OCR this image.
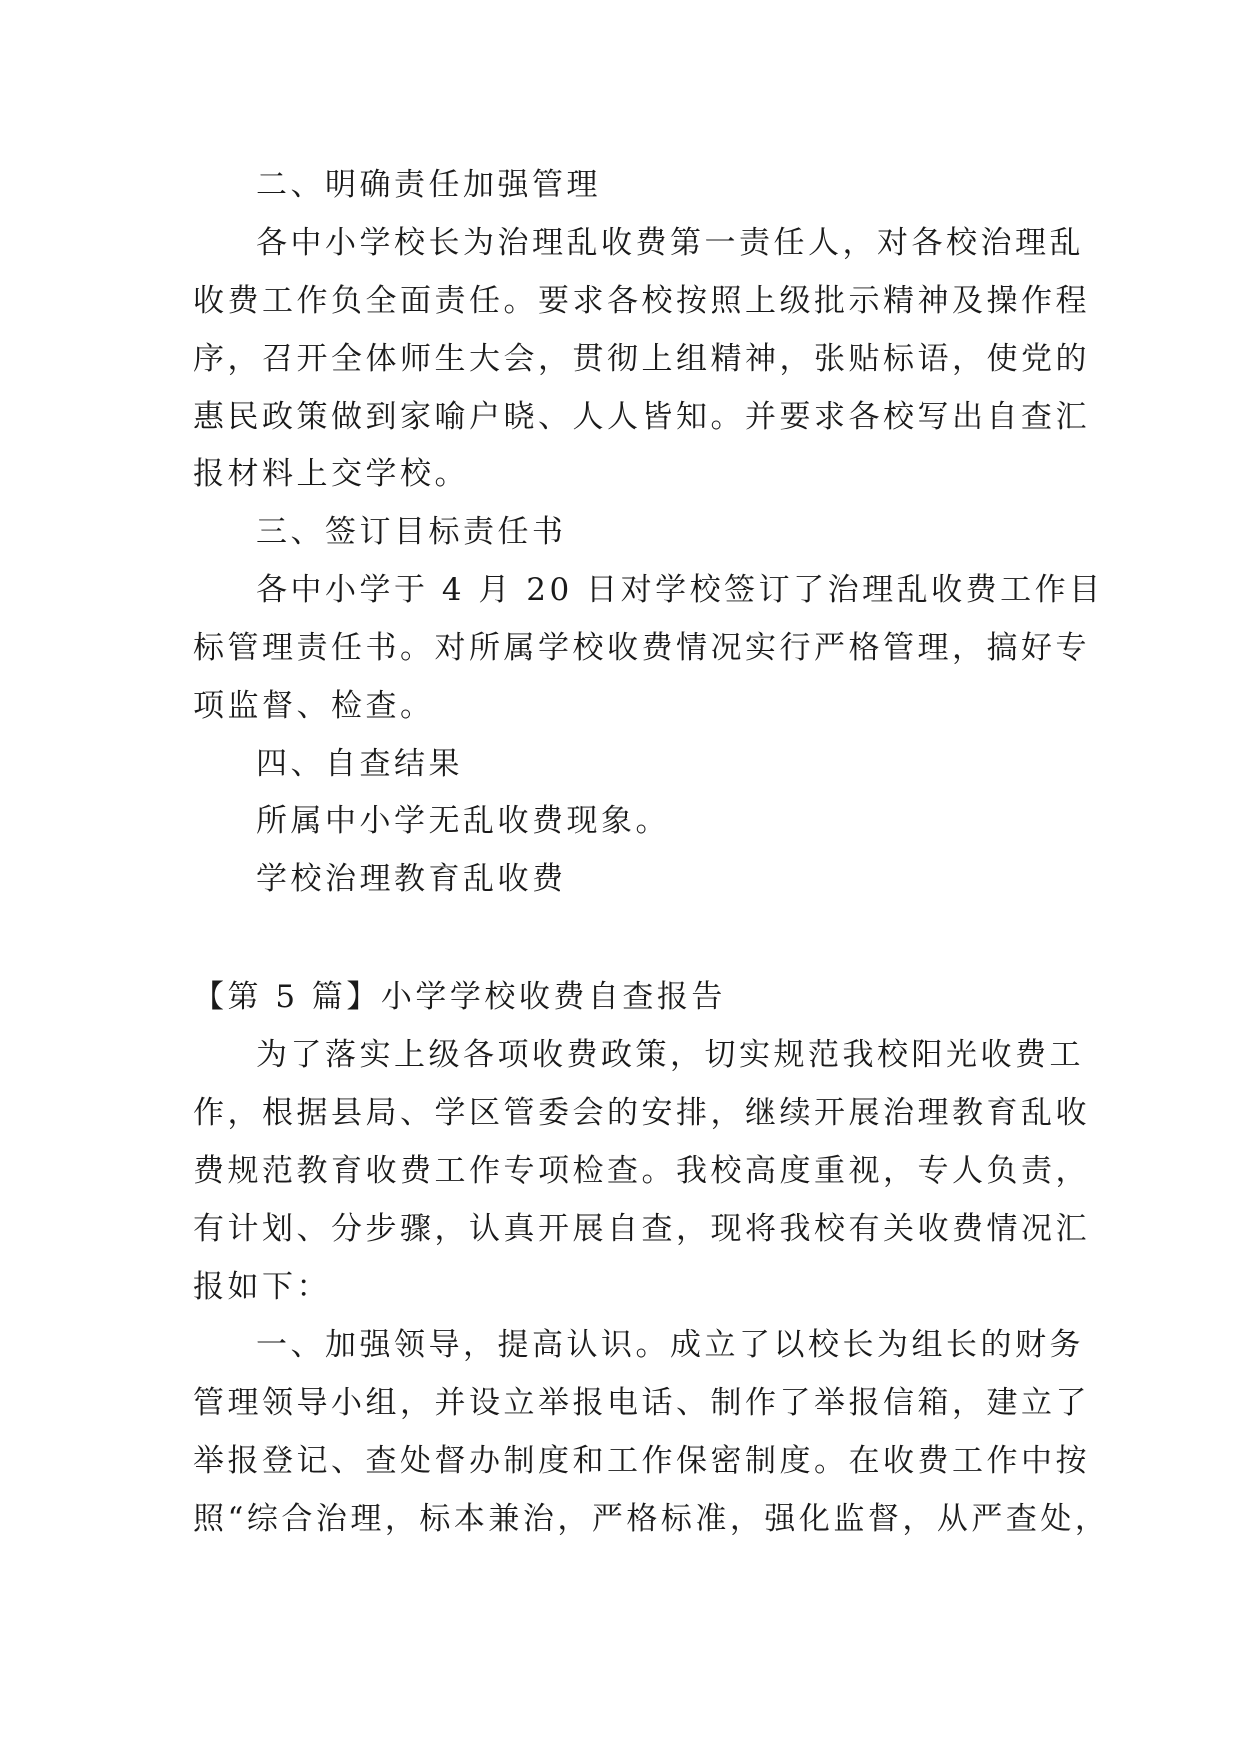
二、明确责任加强管理
各中小学校长为治理乱收费第一责任人，对各校治理乱
收费工作负全面责任。要求各校按照上级批示精神及操作程
序，召开全体师生大会，贯彻上组精神，张贴标语，使党的
惠民政策做到家喻户晓、人人皆知。并要求各校写出自查汇
报材料上交学校。
三、签订目标责任书
各中小学于 4 月 20 日对学校签订了治理乱收费工作目
标管理责任书。对所属学校收费情况实行严格管理，搞好专
项监督、检查。
四、自查结果
所属中小学无乱收费现象。
学校治理教育乱收费
【第 5 篇】小学学校收费自查报告
为了落实上级各项收费政策，切实规范我校阳光收费工
作，根据县局、学区管委会的安排，继续开展治理教育乱收
费规范教育收费工作专项检查。我校高度重视，专人负责，
有计划、分步骤，认真开展自查，现将我校有关收费情况汇
报如下：
一、加强领导，提高认识。成立了以校长为组长的财务
管理领导小组，并设立举报电话、制作了举报信箱，建立了
举报登记、查处督办制度和工作保密制度。在收费工作中按
照“综合治理，标本兼治，严格标准，强化监督，从严查处，
